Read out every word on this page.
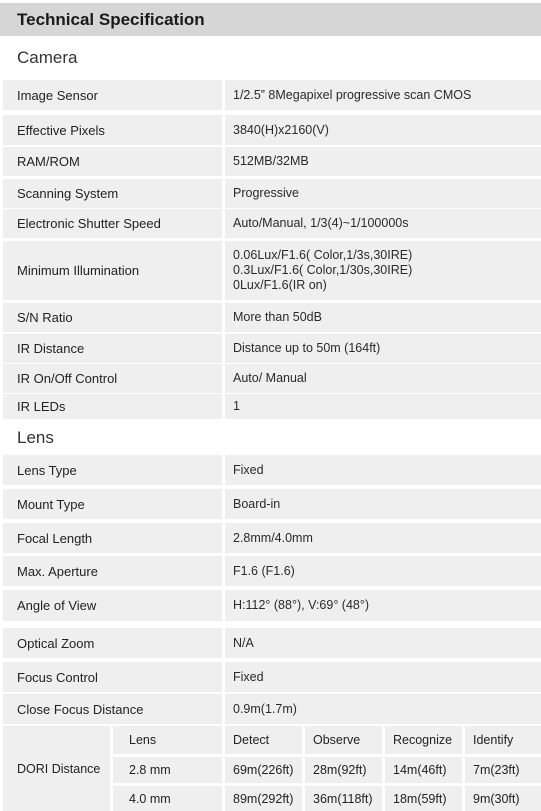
Technical Specification
Camera
Image Sensor	1/2.5” 8Megapixel progressive scan CMOS
Effective Pixels	3840(H)x2160(V)
RAM/ROM	512MB/32MB
Scanning System	Progressive
Electronic Shutter Speed	Auto/Manual, 1/3(4)~1/100000s
Minimum Illumination
0.06Lux/F1.6( Color,1/3s,30IRE)
0.3Lux/F1.6( Color,1/30s,30IRE)
0Lux/F1.6(IR on)
S/N Ratio	More than 50dB
IR Distance	Distance up to 50m (164ft)
IR On/Off Control	Auto/ Manual
IR LEDs	1
Lens
Lens Type	Fixed
Mount Type	Board-in
Focal Length	2.8mm/4.0mm
Max. Aperture	F1.6 (F1.6)
Angle of View	H:112° (88°), V:69° (48°)
Optical Zoom	N/A
Focus Control	Fixed
Close Focus Distance	0.9m(1.7m)
DORI Distance
Lens	Detect	Observe	Recognize Identify
2.8 mm	69m(226ft) 28m(92ft) 14m(46ft) 7m(23ft)
4.0 mm	89m(292ft) 36m(118ft) 18m(59ft) 9m(30ft)
